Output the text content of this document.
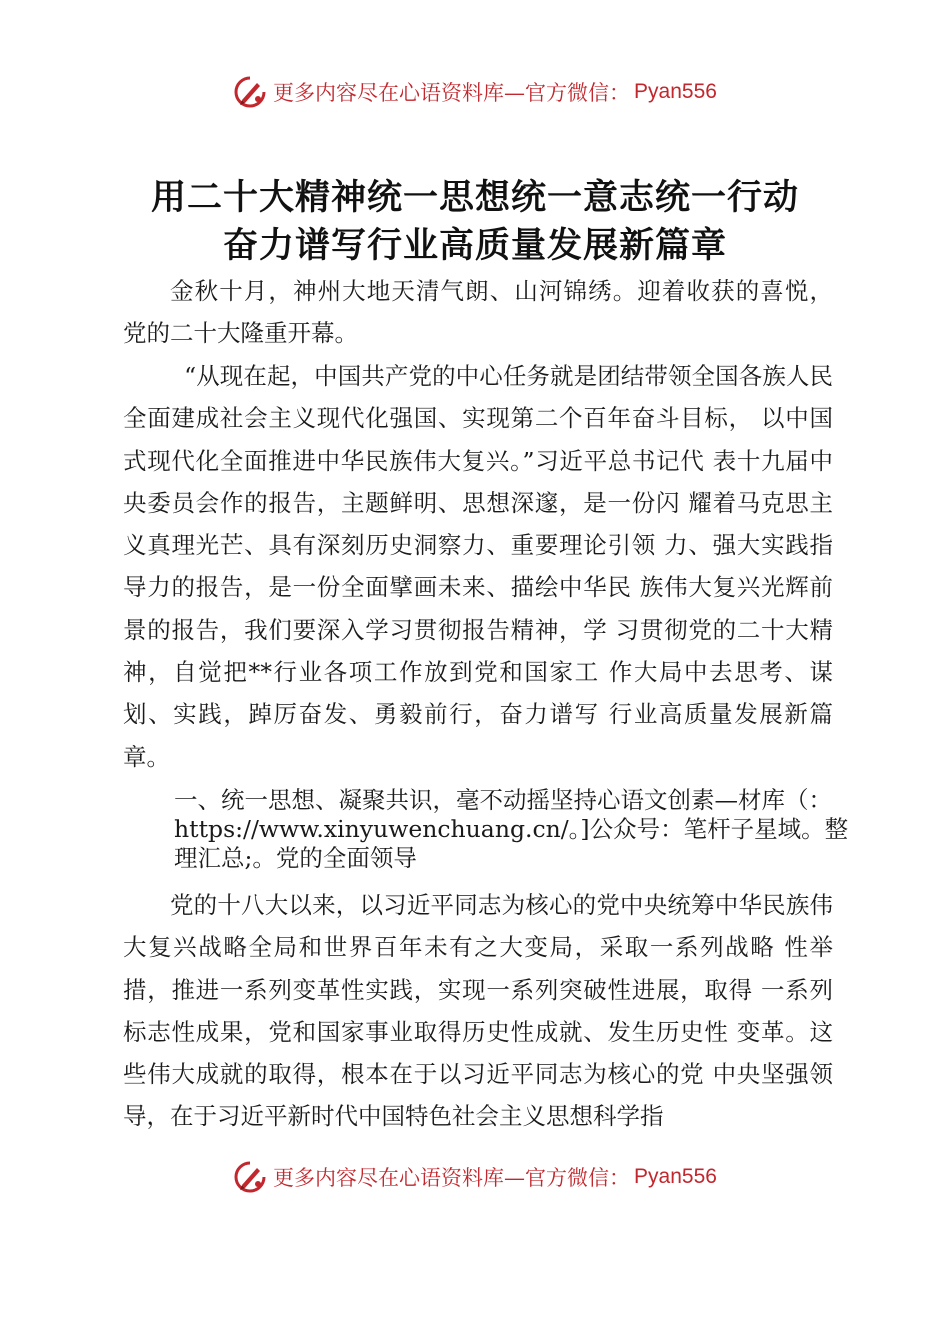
更多内容尽在心语资料库—官方微信： Pyan556
用二十大精神统一思想统一意志统一行动
奋力谱写行业高质量发展新篇章
金秋十月，神州大地天清气朗、山河锦绣。迎着收获的喜悦， 党的二十大隆重开幕。
“从现在起，中国共产党的中心任务就是团结带领全国各族人民全面建成社会主义现代化强国、实现第二个百年奋斗目标， 以中国式现代化全面推进中华民族伟大复兴。”习近平总书记代 表十九届中央委员会作的报告，主题鲜明、思想深邃，是一份闪 耀着马克思主义真理光芒、具有深刻历史洞察力、重要理论引领 力、强大实践指导力的报告，是一份全面擘画未来、描绘中华民 族伟大复兴光辉前景的报告，我们要深入学习贯彻报告精神，学 习贯彻党的二十大精神，自觉把**行业各项工作放到党和国家工 作大局中去思考、谋划、实践，踔厉奋发、勇毅前行，奋力谱写 行业高质量发展新篇章。
一、统一思想、凝聚共识，毫不动摇坚持心语文创素—材库（：https://www.xinyuwenchuang.cn/。]公众号：笔杆子星域。整理汇总;。党的全面领导
党的十八大以来，以习近平同志为核心的党中央统筹中华民族伟大复兴战略全局和世界百年未有之大变局，采取一系列战略 性举措，推进一系列变革性实践，实现一系列突破性进展，取得 一系列标志性成果，党和国家事业取得历史性成就、发生历史性 变革。这些伟大成就的取得，根本在于以习近平同志为核心的党 中央坚强领导，在于习近平新时代中国特色社会主义思想科学指
更多内容尽在心语资料库—官方微信： Pyan556
